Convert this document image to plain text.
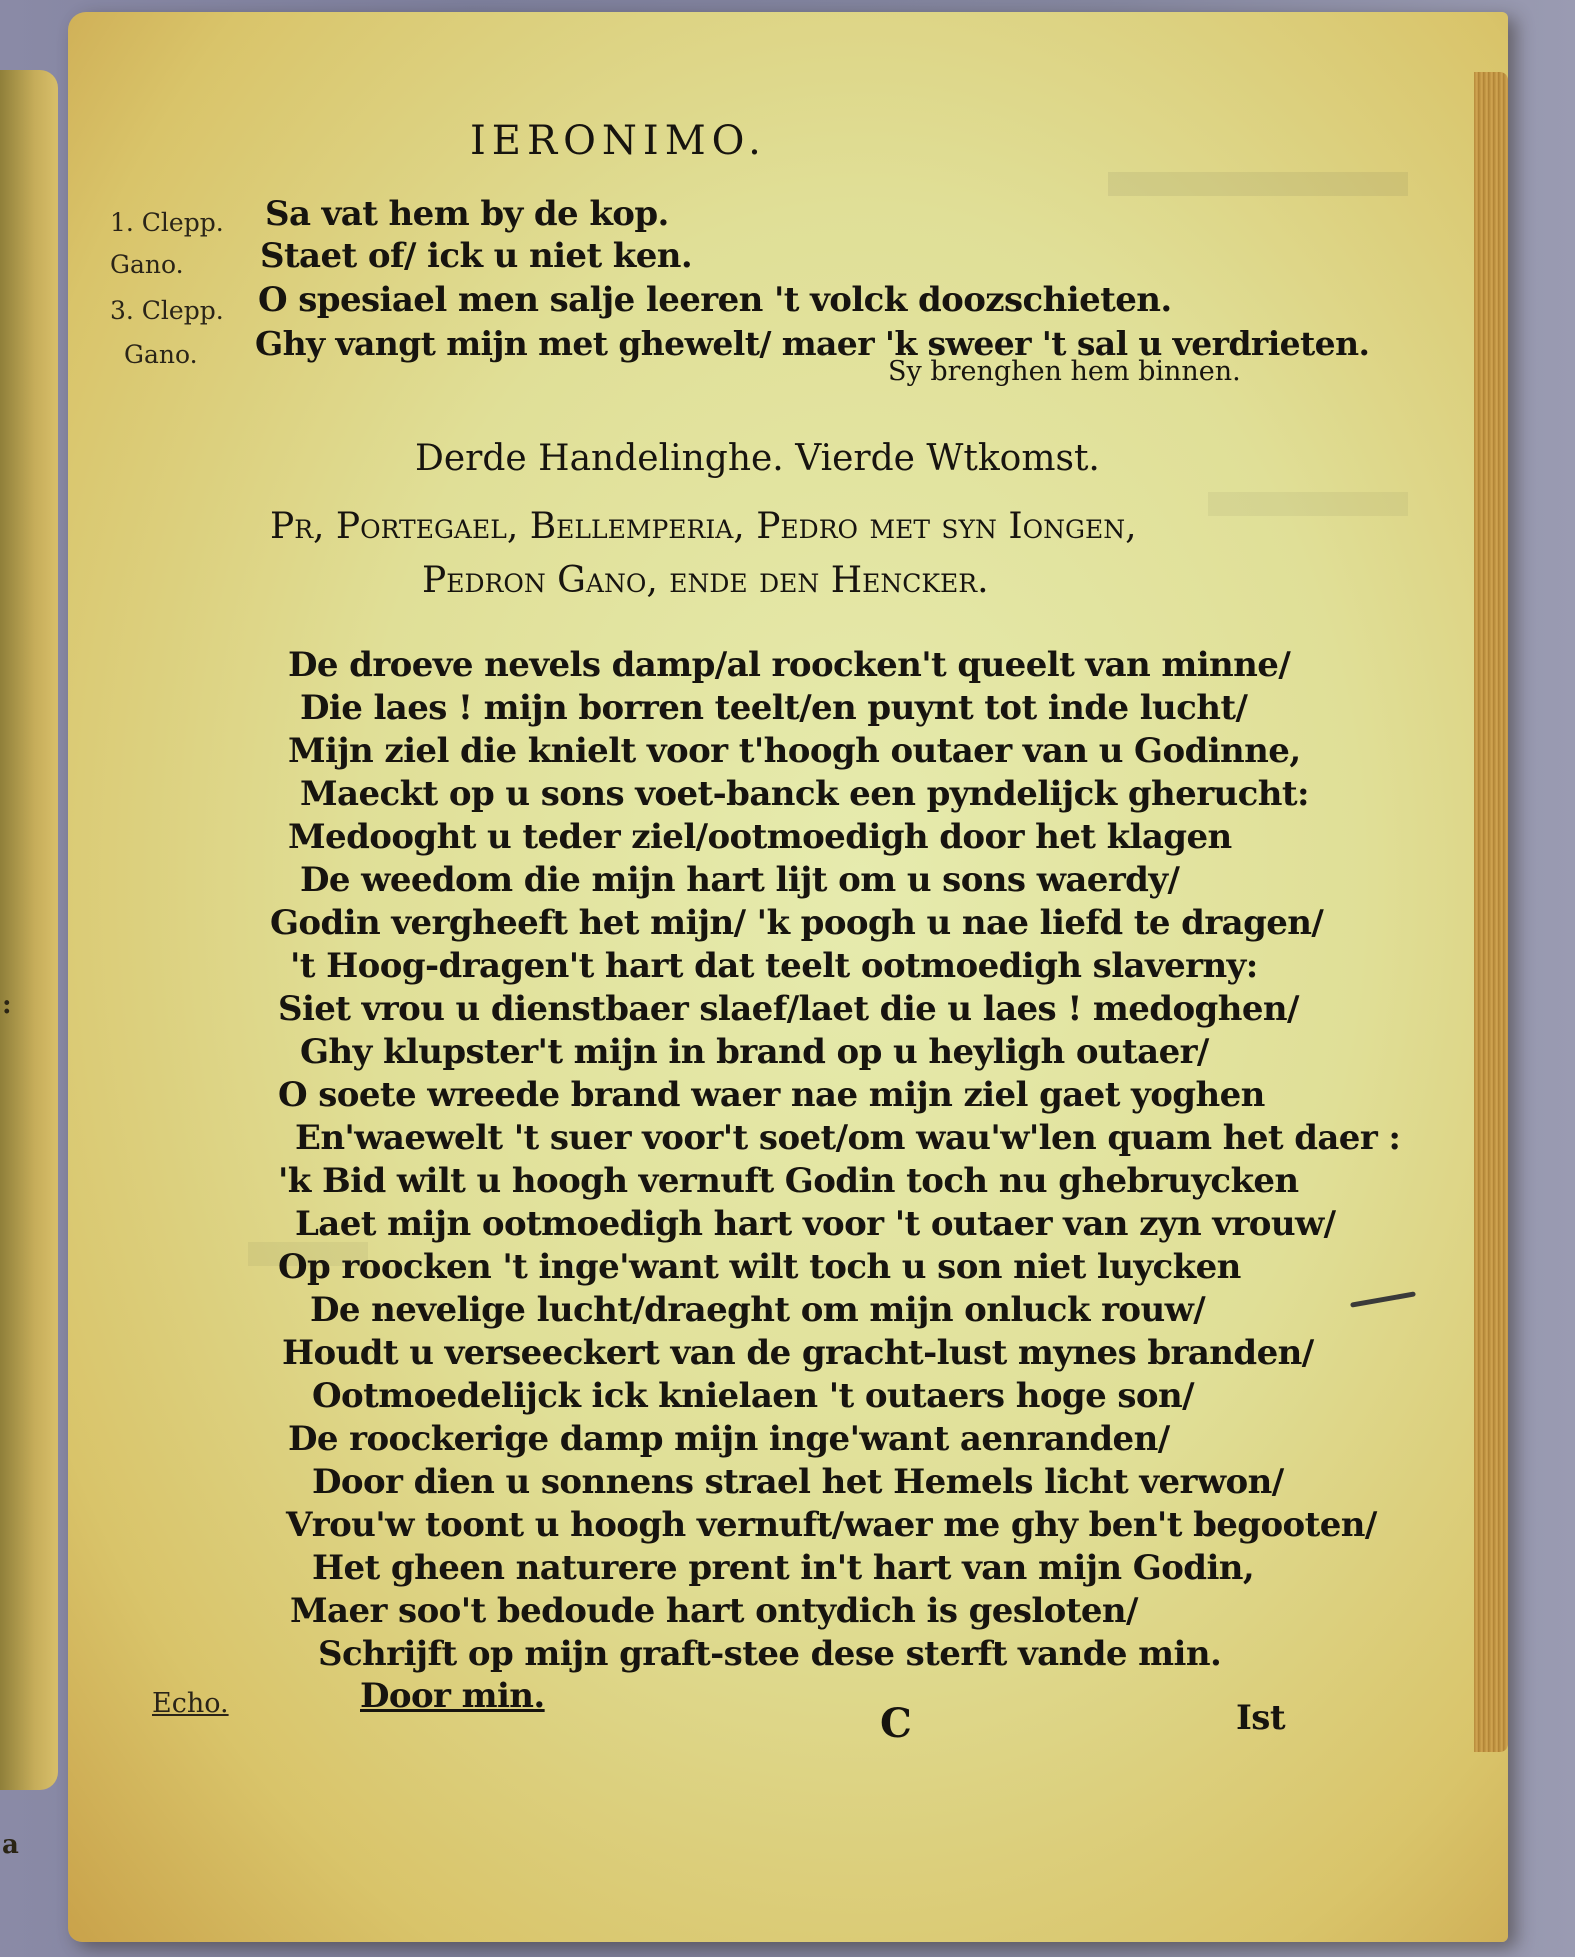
:
a
IERONIMO.
1. Clepp. Sa vat hem by de kop.
Gano. Staet of/ ick u niet ken.
3. Clepp. O spesiael men salje leeren 't volck doozschieten.
Gano. Ghy vangt mijn met ghewelt/ maer 'k sweer 't sal u verdrieten.
Sy brenghen hem binnen.
Derde Handelinghe. Vierde Wtkomst.
Pr, Portegael, Bellemperia, Pedro met syn Iongen,
Pedron Gano, ende den Hencker.
De droeve nevels damp/al roocken't queelt van minne/
Die laes ! mijn borren teelt/en puynt tot inde lucht/
Mijn ziel die knielt voor t'hoogh outaer van u Godinne,
Maeckt op u sons voet-banck een pyndelijck gherucht:
Medooght u teder ziel/ootmoedigh door het klagen
De weedom die mijn hart lijt om u sons waerdy/
Godin vergheeft het mijn/ 'k poogh u nae liefd te dragen/
't Hoog-dragen't hart dat teelt ootmoedigh slaverny:
Siet vrou u dienstbaer slaef/laet die u laes ! medoghen/
Ghy klupster't mijn in brand op u heyligh outaer/
O soete wreede brand waer nae mijn ziel gaet yoghen
En'waewelt 't suer voor't soet/om wau'w'len quam het daer :
'k Bid wilt u hoogh vernuft Godin toch nu ghebruycken
Laet mijn ootmoedigh hart voor 't outaer van zyn vrouw/
Op roocken 't inge'want wilt toch u son niet luycken
De nevelige lucht/draeght om mijn onluck rouw/
Houdt u verseeckert van de gracht-lust mynes branden/
Ootmoedelijck ick knielaen 't outaers hoge son/
De roockerige damp mijn inge'want aenranden/
Door dien u sonnens strael het Hemels licht verwon/
Vrou'w toont u hoogh vernuft/waer me ghy ben't begooten/
Het gheen naturere prent in't hart van mijn Godin,
Maer soo't bedoude hart ontydich is gesloten/
Schrijft op mijn graft-stee dese sterft vande min.
Echo.	Door min.
C	Ist
